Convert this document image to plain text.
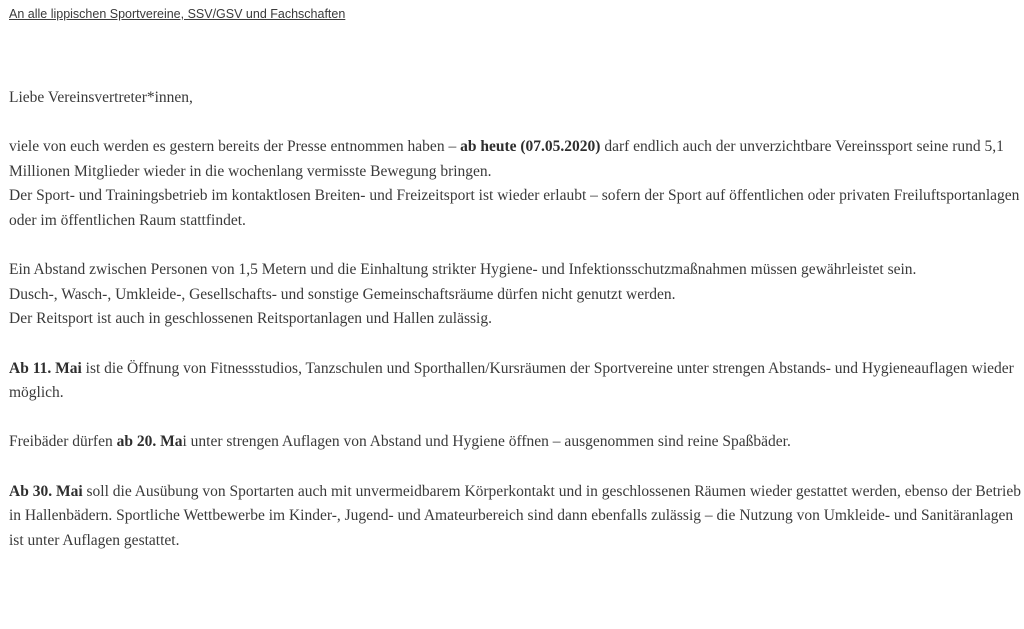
An alle lippischen Sportvereine, SSV/GSV und Fachschaften

Liebe Vereinsvertreter*innen,

viele von euch werden es gestern bereits der Presse entnommen haben – ab heute (07.05.2020) darf endlich auch der unverzichtbare Vereinssport seine rund 5,1 Millionen Mitglieder wieder in die wochenlang vermisste Bewegung bringen.

Der Sport- und Trainingsbetrieb im kontaktlosen Breiten- und Freizeitsport ist wieder erlaubt – sofern der Sport auf öffentlichen oder privaten Freiluftsportanlagen oder im öffentlichen Raum stattfindet.

Ein Abstand zwischen Personen von 1,5 Metern und die Einhaltung strikter Hygiene- und Infektionsschutzmaßnahmen müssen gewährleistet sein.

Dusch-, Wasch-, Umkleide-, Gesellschafts- und sonstige Gemeinschaftsräume dürfen nicht genutzt werden.

Der Reitsport ist auch in geschlossenen Reitsportanlagen und Hallen zulässig.

Ab 11. Mai ist die Öffnung von Fitnessstudios, Tanzschulen und Sporthallen/Kursräumen der Sportvereine unter strengen Abstands- und Hygieneauflagen wieder möglich.

Freibäder dürfen ab 20. Mai unter strengen Auflagen von Abstand und Hygiene öffnen – ausgenommen sind reine Spaßbäder.

Ab 30. Mai soll die Ausübung von Sportarten auch mit unvermeidbarem Körperkontakt und in geschlossenen Räumen wieder gestattet werden, ebenso der Betrieb in Hallenbädern. Sportliche Wettbewerbe im Kinder-, Jugend- und Amateurbereich sind dann ebenfalls zulässig – die Nutzung von Umkleide- und Sanitäranlagen ist unter Auflagen gestattet.
